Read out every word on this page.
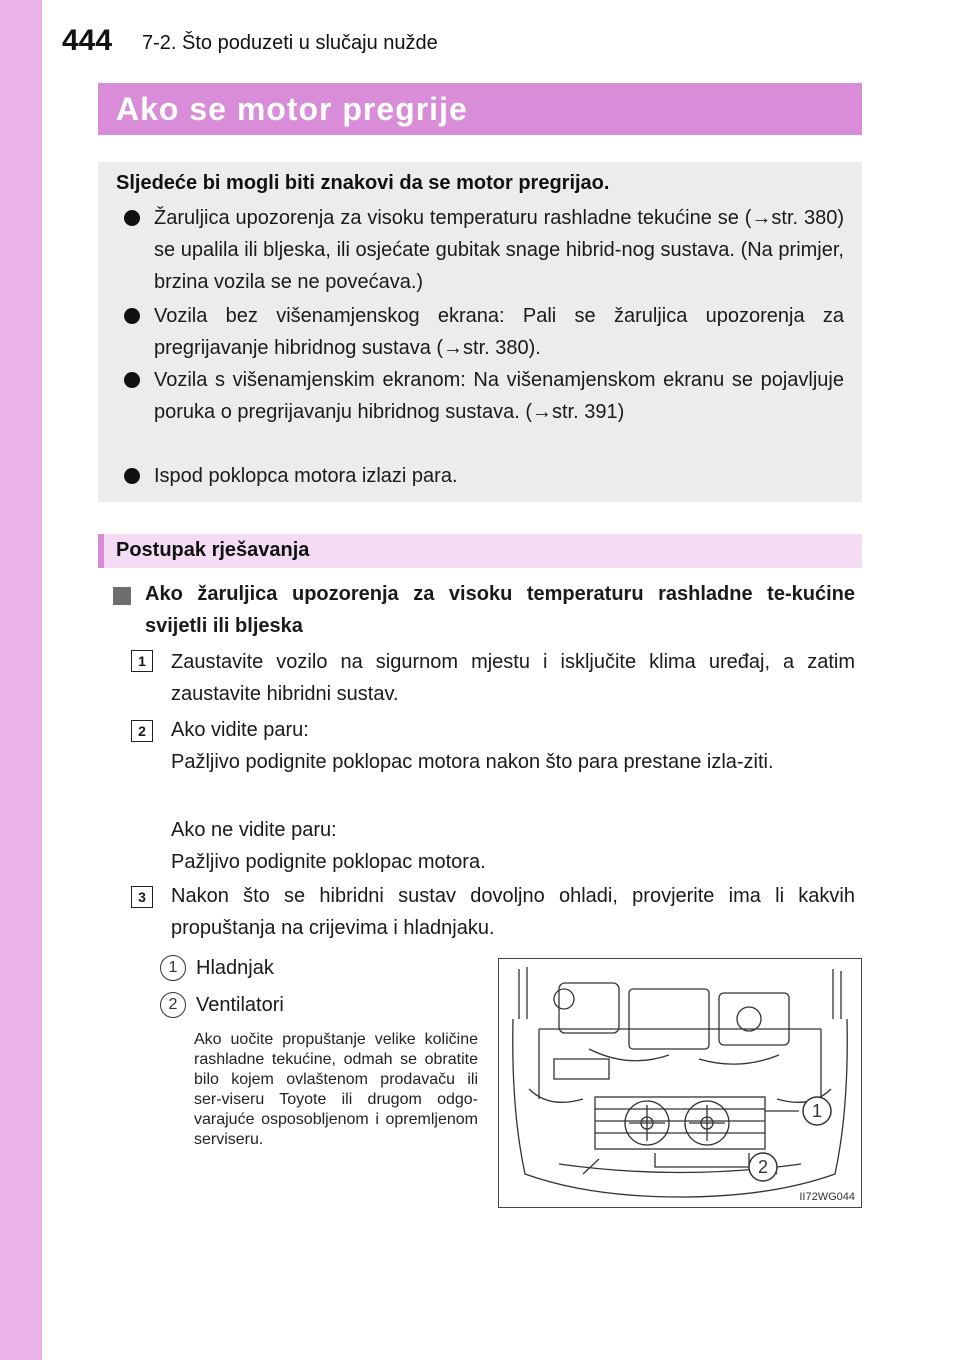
444 7-2. Što poduzeti u slučaju nužde
Ako se motor pregrije
Sljedeće bi mogli biti znakovi da se motor pregrijao.
Žaruljica upozorenja za visoku temperaturu rashladne tekućine se (→str. 380) se upalila ili bljeska, ili osjećate gubitak snage hibrid-nog sustava. (Na primjer, brzina vozila se ne povećava.)
Vozila bez višenamjenskog ekrana: Pali se žaruljica upozorenja za pregrijavanje hibridnog sustava (→str. 380).
Vozila s višenamjenskim ekranom: Na višenamjenskom ekranu se pojavljuje poruka o pregrijavanju hibridnog sustava. (→str. 391)
Ispod poklopca motora izlazi para.
Postupak rješavanja
Ako žaruljica upozorenja za visoku temperaturu rashladne te-kućine svijetli ili bljeska
1	Zaustavite vozilo na sigurnom mjestu i isključite klima uređaj, a zatim zaustavite hibridni sustav.
2	Ako vidite paru:
Pažljivo podignite poklopac motora nakon što para prestane izla-ziti.
Ako ne vidite paru:
Pažljivo podignite poklopac motora.
3	Nakon što se hibridni sustav dovoljno ohladi, provjerite ima li kakvih propuštanja na crijevima i hladnjaku.
1 Hladnjak
2 Ventilatori
Ako uočite propuštanje velike količine rashladne tekućine, odmah se obratite bilo kojem ovlaštenom prodavaču ili ser-viseru Toyote ili drugom odgo-varajuće osposobljenom i opremljenom serviseru.
1
2
II72WG044
